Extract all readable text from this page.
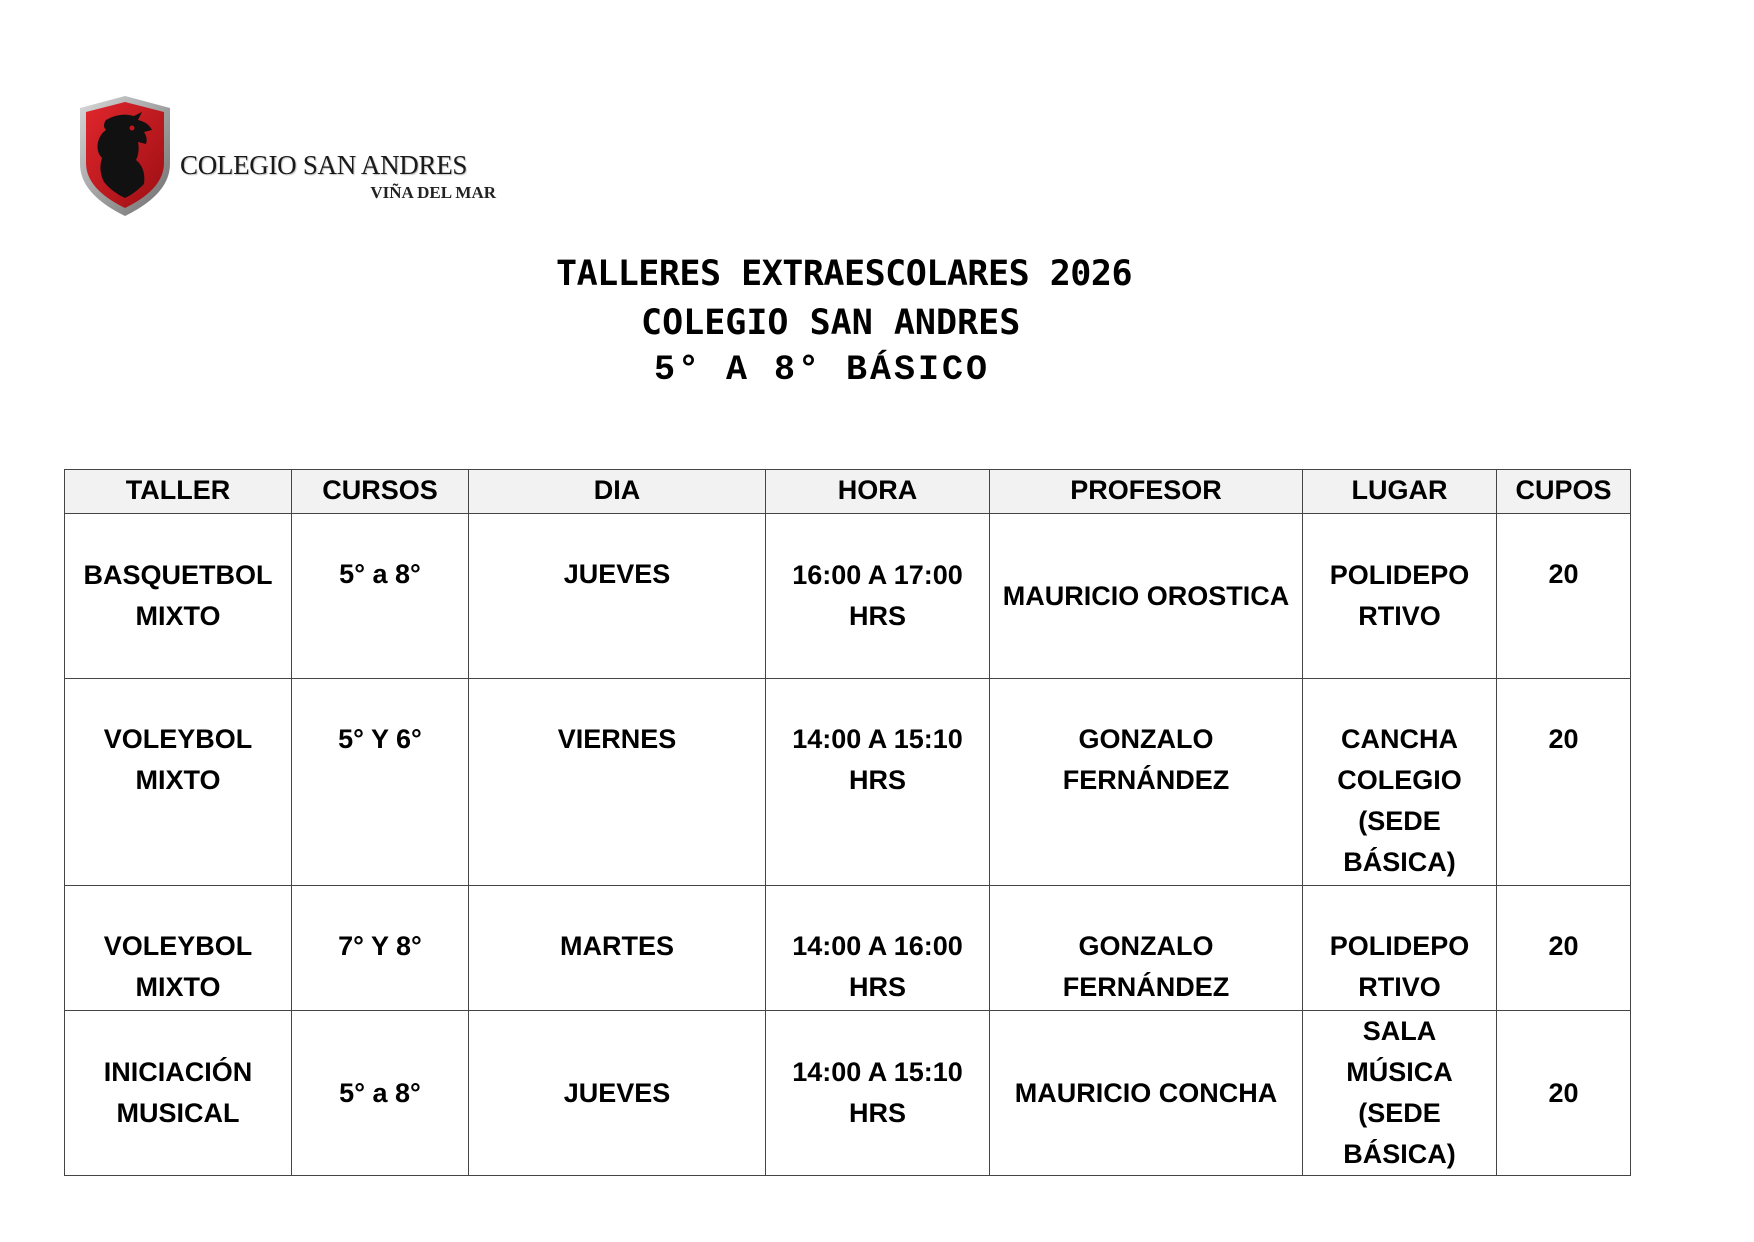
COLEGIO SAN ANDRES
VIÑA DEL MAR
TALLERES EXTRAESCOLARES 2026
COLEGIO SAN ANDRES
5° A 8° BÁSICO
TALLER	CURSOS	DIA	HORA	PROFESOR	LUGAR	CUPOS
BASQUETBOL MIXTO	5° a 8°	JUEVES	16:00 A 17:00 HRS	MAURICIO OROSTICA	POLIDEPO RTIVO	20
VOLEYBOL MIXTO	5° Y 6°	VIERNES	14:00 A 15:10 HRS	GONZALO FERNÁNDEZ	CANCHA COLEGIO (SEDE BÁSICA)	20
VOLEYBOL MIXTO	7° Y 8°	MARTES	14:00 A 16:00 HRS	GONZALO FERNÁNDEZ	POLIDEPO RTIVO	20
INICIACIÓN MUSICAL	5° a 8°	JUEVES	14:00 A 15:10 HRS	MAURICIO CONCHA	SALA MÚSICA (SEDE BÁSICA)	20
